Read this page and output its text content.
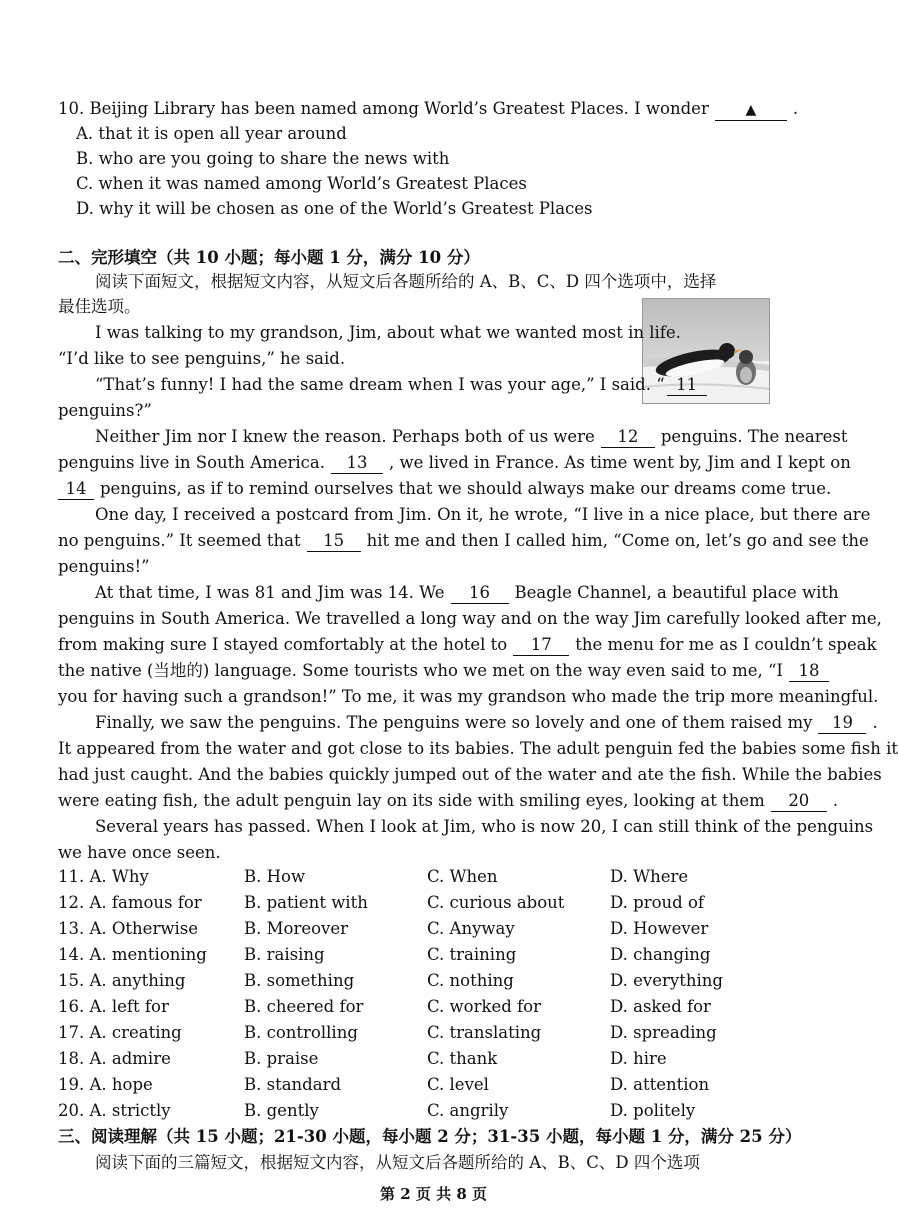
10. Beijing Library has been named among World’s Greatest Places. I wonder	▲ .
A. that it is open all year around
B. who are you going to share the news with
C. when it was named among World’s Greatest Places
D. why it will be chosen as one of the World’s Greatest Places
二、完形填空（共 10 小题；每小题 1 分，满分 10 分）
阅读下面短文，根据短文内容，从短文后各题所给的 A、B、C、D 四个选项中，选择
最佳选项。
I was talking to my grandson, Jim, about what we wanted most in life.
“I’d like to see penguins,” he said.
“That’s funny! I had the same dream when I was your age,” I said. “ 11
penguins?”
Neither Jim nor I knew the reason. Perhaps both of us were 12 penguins. The nearest
penguins live in South America. 13 , we lived in France. As time went by, Jim and I kept on
14 penguins, as if to remind ourselves that we should always make our dreams come true.
One day, I received a postcard from Jim. On it, he wrote, “I live in a nice place, but there are
no penguins.” It seemed that 15 hit me and then I called him, “Come on, let’s go and see the
penguins!”
At that time, I was 81 and Jim was 14. We 16 Beagle Channel, a beautiful place with
penguins in South America. We travelled a long way and on the way Jim carefully looked after me,
from making sure I stayed comfortably at the hotel to 17 the menu for me as I couldn’t speak
the native (当地的) language. Some tourists who we met on the way even said to me, “I 18
you for having such a grandson!” To me, it was my grandson who made the trip more meaningful.
Finally, we saw the penguins. The penguins were so lovely and one of them raised my 19 .
It appeared from the water and got close to its babies. The adult penguin fed the babies some fish it
had just caught. And the babies quickly jumped out of the water and ate the fish. While the babies
were eating fish, the adult penguin lay on its side with smiling eyes, looking at them 20 .
Several years has passed. When I look at Jim, who is now 20, I can still think of the penguins
we have once seen.
11. A. Why	B. How	C. When	D. Where
12. A. famous for	B. patient with	C. curious about	D. proud of
13. A. Otherwise	B. Moreover	C. Anyway	D. However
14. A. mentioning B. raising	C. training	D. changing
15. A. anything	B. something	C. nothing	D. everything
16. A. left for	B. cheered for	C. worked for	D. asked for
17. A. creating	B. controlling	C. translating	D. spreading
18. A. admire	B. praise	C. thank	D. hire
19. A. hope	B. standard	C. level	D. attention
20. A. strictly	B. gently	C. angrily	D. politely
三、阅读理解（共 15 小题；21-30 小题，每小题 2 分；31-35 小题，每小题 1 分，满分 25 分）
阅读下面的三篇短文，根据短文内容，从短文后各题所给的 A、B、C、D 四个选项
第 2 页 共 8 页
